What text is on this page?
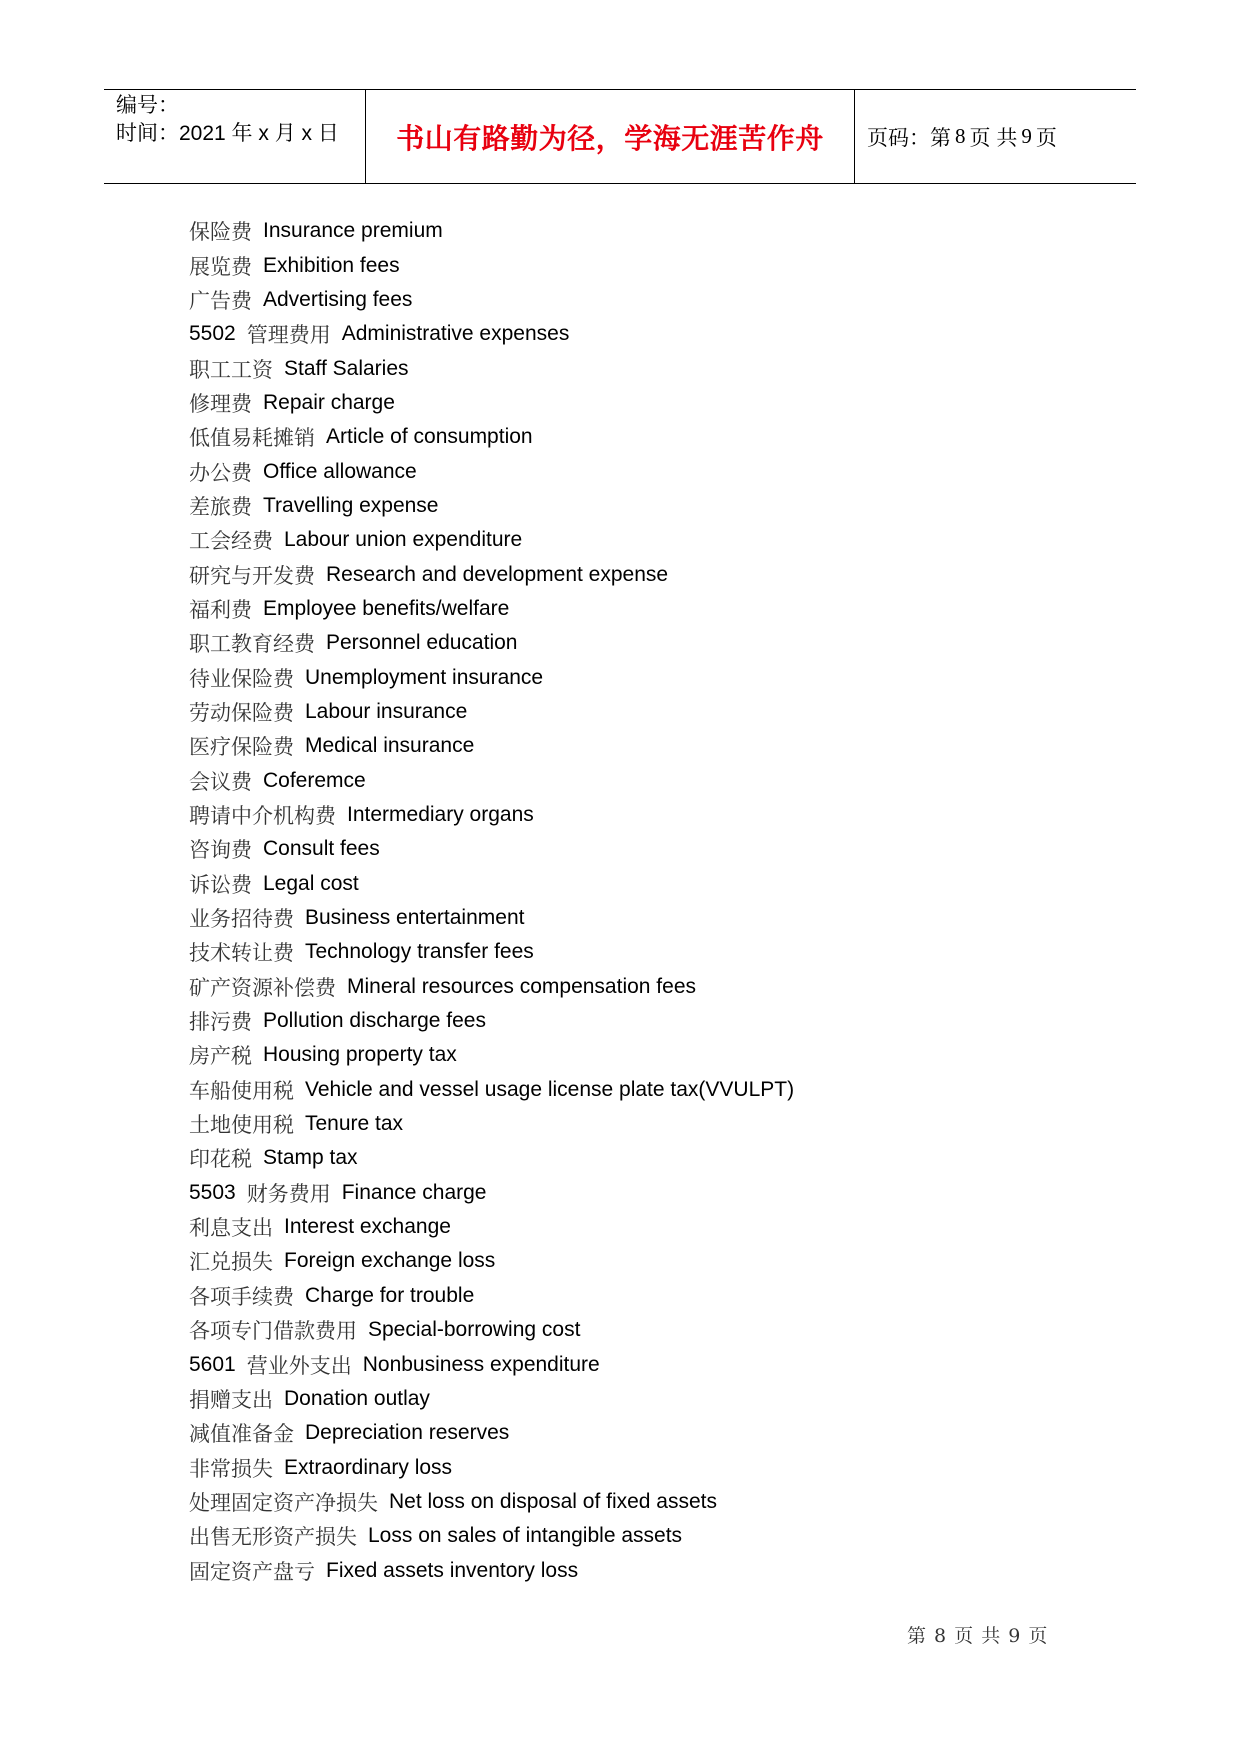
编号：
时间：2021 年 x 月 x 日	书山有路勤为径，学海无涯苦作舟	页码：第 8 页 共 9 页
保险费 Insurance premium
展览费 Exhibition fees
广告费 Advertising fees
5502 管理费用 Administrative expenses
职工工资 Staff Salaries
修理费 Repair charge
低值易耗摊销 Article of consumption
办公费 Office allowance
差旅费 Travelling expense
工会经费 Labour union expenditure
研究与开发费 Research and development expense
福利费 Employee benefits/welfare
职工教育经费 Personnel education
待业保险费 Unemployment insurance
劳动保险费 Labour insurance
医疗保险费 Medical insurance
会议费 Coferemce
聘请中介机构费 Intermediary organs
咨询费 Consult fees
诉讼费 Legal cost
业务招待费 Business entertainment
技术转让费 Technology transfer fees
矿产资源补偿费 Mineral resources compensation fees
排污费 Pollution discharge fees
房产税 Housing property tax
车船使用税 Vehicle and vessel usage license plate tax(VVULPT)
土地使用税 Tenure tax
印花税 Stamp tax
5503 财务费用 Finance charge
利息支出 Interest exchange
汇兑损失 Foreign exchange loss
各项手续费 Charge for trouble
各项专门借款费用 Special-borrowing cost
5601 营业外支出 Nonbusiness expenditure
捐赠支出 Donation outlay
减值准备金 Depreciation reserves
非常损失 Extraordinary loss
处理固定资产净损失 Net loss on disposal of fixed assets
出售无形资产损失 Loss on sales of intangible assets
固定资产盘亏 Fixed assets inventory loss
第 8 页 共 9 页
